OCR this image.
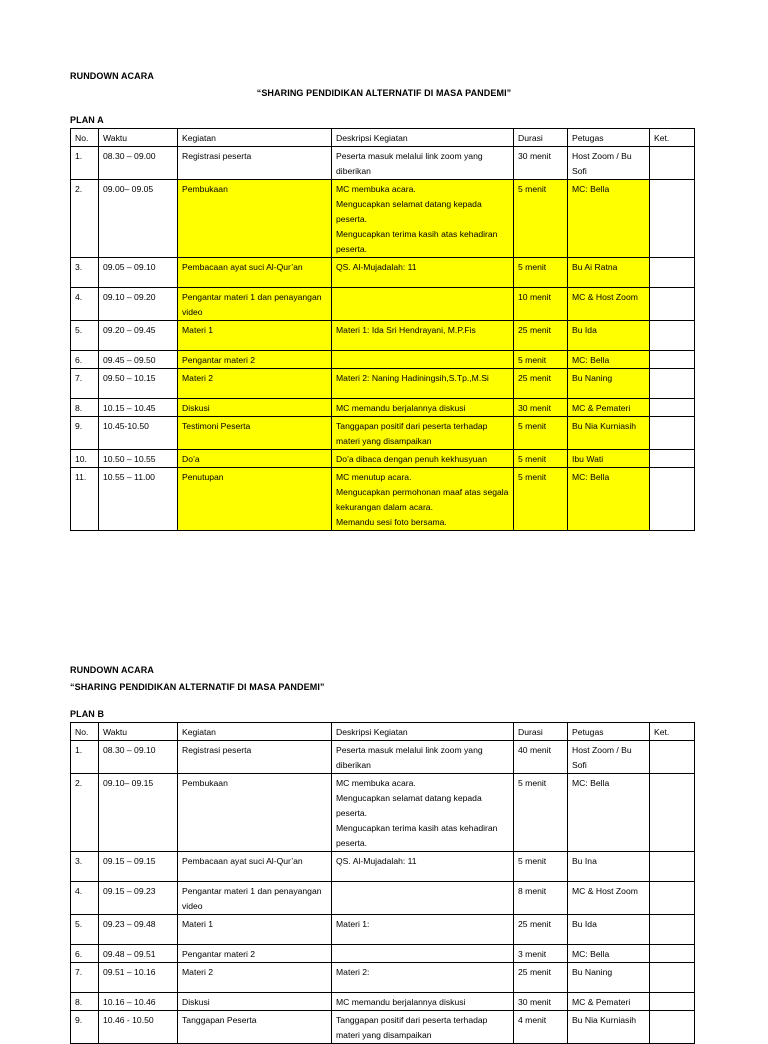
RUNDOWN ACARA
“SHARING PENDIDIKAN ALTERNATIF DI MASA PANDEMI”
PLAN A
No.	Waktu	Kegiatan	Deskripsi Kegiatan	Durasi	Petugas	Ket.
1.	08.30 – 09.00	Registrasi peserta	Peserta masuk melalui link zoom yang diberikan	30 menit	Host Zoom / Bu Sofi	
2.	09.00– 09.05	Pembukaan	MC membuka acara.
Mengucapkan selamat datang kepada peserta.
Mengucapkan terima kasih atas kehadiran peserta.	5 menit	MC: Bella	
3.	09.05 – 09.10	Pembacaan ayat suci Al-Qur’an	QS. Al-Mujadalah: 11	5 menit	Bu Ai Ratna	
4.	09.10 – 09.20	Pengantar materi 1 dan penayangan video		10 menit	MC & Host Zoom	
5.	09.20 – 09.45	Materi 1	Materi 1: Ida Sri Hendrayani, M.P.Fis	25 menit	Bu Ida	
6.	09.45 – 09.50	Pengantar materi 2		5 menit	MC: Bella	
7.	09.50 – 10.15	Materi 2	Materi 2: Naning Hadiningsih,S.Tp.,M.Si	25 menit	Bu Naning	
8.	10.15 – 10.45	Diskusi	MC memandu berjalannya diskusi	30 menit	MC & Pemateri	
9.	10.45-10.50	Testimoni Peserta	Tanggapan positif dari peserta terhadap materi yang disampaikan	5 menit	Bu Nia Kurniasih	
10.	10.50 – 10.55	Do’a	Do’a dibaca dengan penuh kekhusyuan	5 menit	Ibu Wati	
11.	10.55 – 11.00	Penutupan	MC menutup acara.
Mengucapkan permohonan maaf atas segala kekurangan dalam acara.
Memandu sesi foto bersama.	5 menit	MC: Bella	
RUNDOWN ACARA
“SHARING PENDIDIKAN ALTERNATIF DI MASA PANDEMI”
PLAN B
No.	Waktu	Kegiatan	Deskripsi Kegiatan	Durasi	Petugas	Ket.
1.	08.30 – 09.10	Registrasi peserta	Peserta masuk melalui link zoom yang diberikan	40 menit	Host Zoom / Bu Sofi	
2.	09.10– 09.15	Pembukaan	MC membuka acara.
Mengucapkan selamat datang kepada peserta.
Mengucapkan terima kasih atas kehadiran peserta.	5 menit	MC: Bella	
3.	09.15 – 09.15	Pembacaan ayat suci Al-Qur’an	QS. Al-Mujadalah: 11	5 menit	Bu Ina	
4.	09.15 – 09.23	Pengantar materi 1 dan penayangan video		8 menit	MC & Host Zoom	
5.	09.23 – 09.48	Materi 1	Materi 1:	25 menit	Bu Ida	
6.	09.48 – 09.51	Pengantar materi 2		3 menit	MC: Bella	
7.	09.51 – 10.16	Materi 2	Materi 2:	25 menit	Bu Naning	
8.	10.16 – 10.46	Diskusi	MC memandu berjalannya diskusi	30 menit	MC & Pemateri	
9.	10.46 - 10.50	Tanggapan Peserta	Tanggapan positif dari peserta terhadap materi yang disampaikan	4 menit	Bu Nia Kurniasih	
